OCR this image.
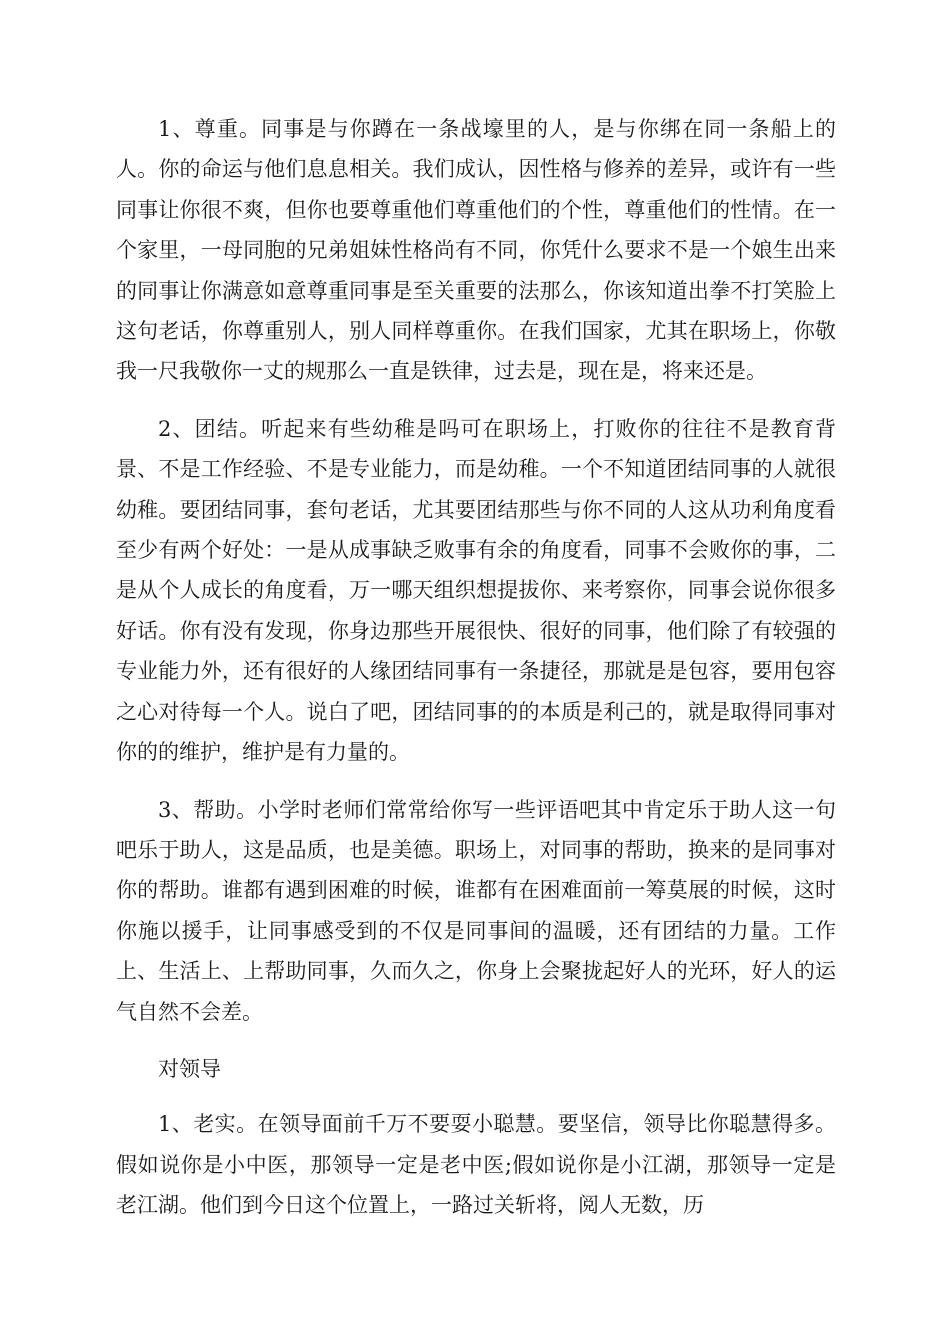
1、尊重。同事是与你蹲在一条战壕里的人，是与你绑在同一条船上的人。你的命运与他们息息相关。我们成认，因性格与修养的差异，或许有一些同事让你很不爽，但你也要尊重他们尊重他们的个性，尊重他们的性情。在一个家里，一母同胞的兄弟姐妹性格尚有不同，你凭什么要求不是一个娘生出来的同事让你满意如意尊重同事是至关重要的法那么，你该知道出拳不打笑脸上这句老话，你尊重别人，别人同样尊重你。在我们国家，尤其在职场上，你敬我一尺我敬你一丈的规那么一直是铁律，过去是，现在是，将来还是。

2、团结。听起来有些幼稚是吗可在职场上，打败你的往往不是教育背景、不是工作经验、不是专业能力，而是幼稚。一个不知道团结同事的人就很幼稚。要团结同事，套句老话，尤其要团结那些与你不同的人这从功利角度看至少有两个好处：一是从成事缺乏败事有余的角度看，同事不会败你的事，二是从个人成长的角度看，万一哪天组织想提拔你、来考察你，同事会说你很多好话。你有没有发现，你身边那些开展很快、很好的同事，他们除了有较强的专业能力外，还有很好的人缘团结同事有一条捷径，那就是是包容，要用包容之心对待每一个人。说白了吧，团结同事的的本质是利己的，就是取得同事对你的的维护，维护是有力量的。

3、帮助。小学时老师们常常给你写一些评语吧其中肯定乐于助人这一句吧乐于助人，这是品质，也是美德。职场上，对同事的帮助，换来的是同事对你的帮助。谁都有遇到困难的时候，谁都有在困难面前一筹莫展的时候，这时你施以援手，让同事感受到的不仅是同事间的温暖，还有团结的力量。工作上、生活上、上帮助同事，久而久之，你身上会聚拢起好人的光环，好人的运气自然不会差。

对领导

1、老实。在领导面前千万不要耍小聪慧。要坚信，领导比你聪慧得多。假如说你是小中医，那领导一定是老中医;假如说你是小江湖，那领导一定是老江湖。他们到今日这个位置上，一路过关斩将，阅人无数，历
